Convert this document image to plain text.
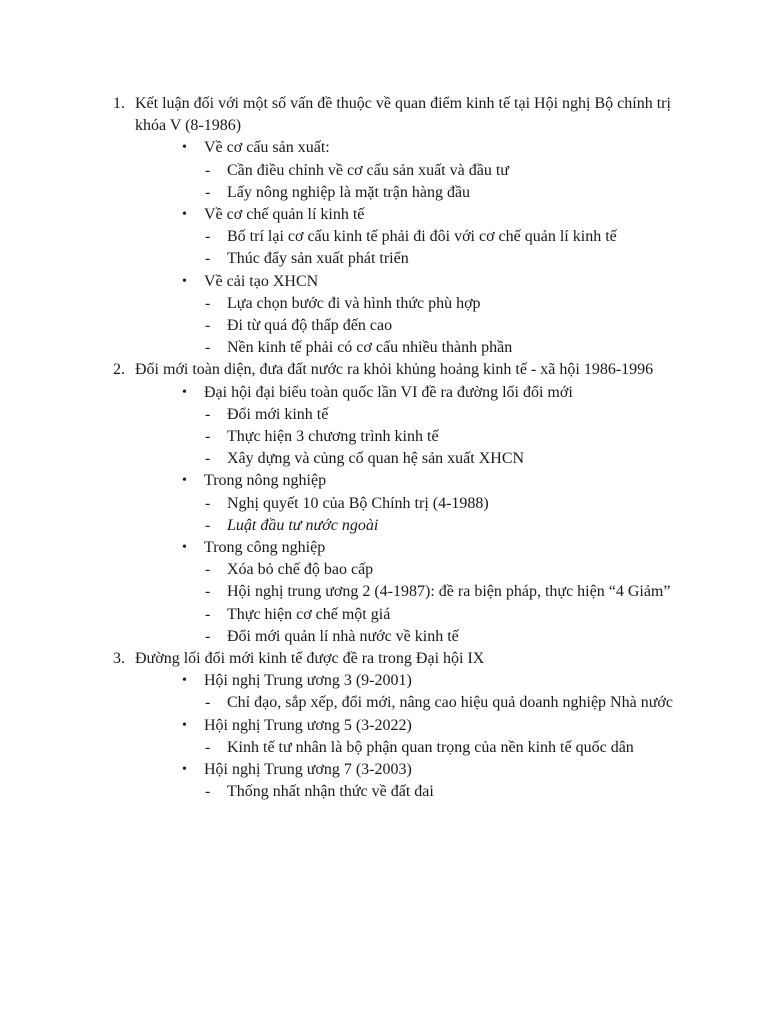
1. Kết luận đối với một số vấn đề thuộc về quan điểm kinh tế tại Hội nghị Bộ chính trị khóa V (8-1986)
• Về cơ cấu sản xuất:
- Cần điều chỉnh về cơ cấu sản xuất và đầu tư
- Lấy nông nghiệp là mặt trận hàng đầu
• Về cơ chế quản lí kinh tế
- Bố trí lại cơ cấu kinh tế phải đi đôi với cơ chế quản lí kinh tế
- Thúc đẩy sản xuất phát triển
• Về cải tạo XHCN
- Lựa chọn bước đi và hình thức phù hợp
- Đi từ quá độ thấp đến cao
- Nền kinh tế phải có cơ cấu nhiều thành phần
2. Đổi mới toàn diện, đưa đất nước ra khỏi khủng hoảng kinh tế - xã hội 1986-1996
• Đại hội đại biểu toàn quốc lần VI đề ra đường lối đổi mới
- Đổi mới kinh tế
- Thực hiện 3 chương trình kinh tế
- Xây dựng và củng cố quan hệ sản xuất XHCN
• Trong nông nghiệp
- Nghị quyết 10 của Bộ Chính trị (4-1988)
- Luật đầu tư nước ngoài
• Trong công nghiệp
- Xóa bỏ chế độ bao cấp
- Hội nghị trung ương 2 (4-1987): đề ra biện pháp, thực hiện “4 Giảm”
- Thực hiện cơ chế một giá
- Đổi mới quản lí nhà nước về kinh tế
3. Đường lối đổi mới kinh tế được đề ra trong Đại hội IX
• Hội nghị Trung ương 3 (9-2001)
- Chỉ đạo, sắp xếp, đổi mới, nâng cao hiệu quả doanh nghiệp Nhà nước
• Hội nghị Trung ương 5 (3-2022)
- Kinh tế tư nhân là bộ phận quan trọng của nền kinh tế quốc dân
• Hội nghị Trung ương 7 (3-2003)
- Thống nhất nhận thức về đất đai
